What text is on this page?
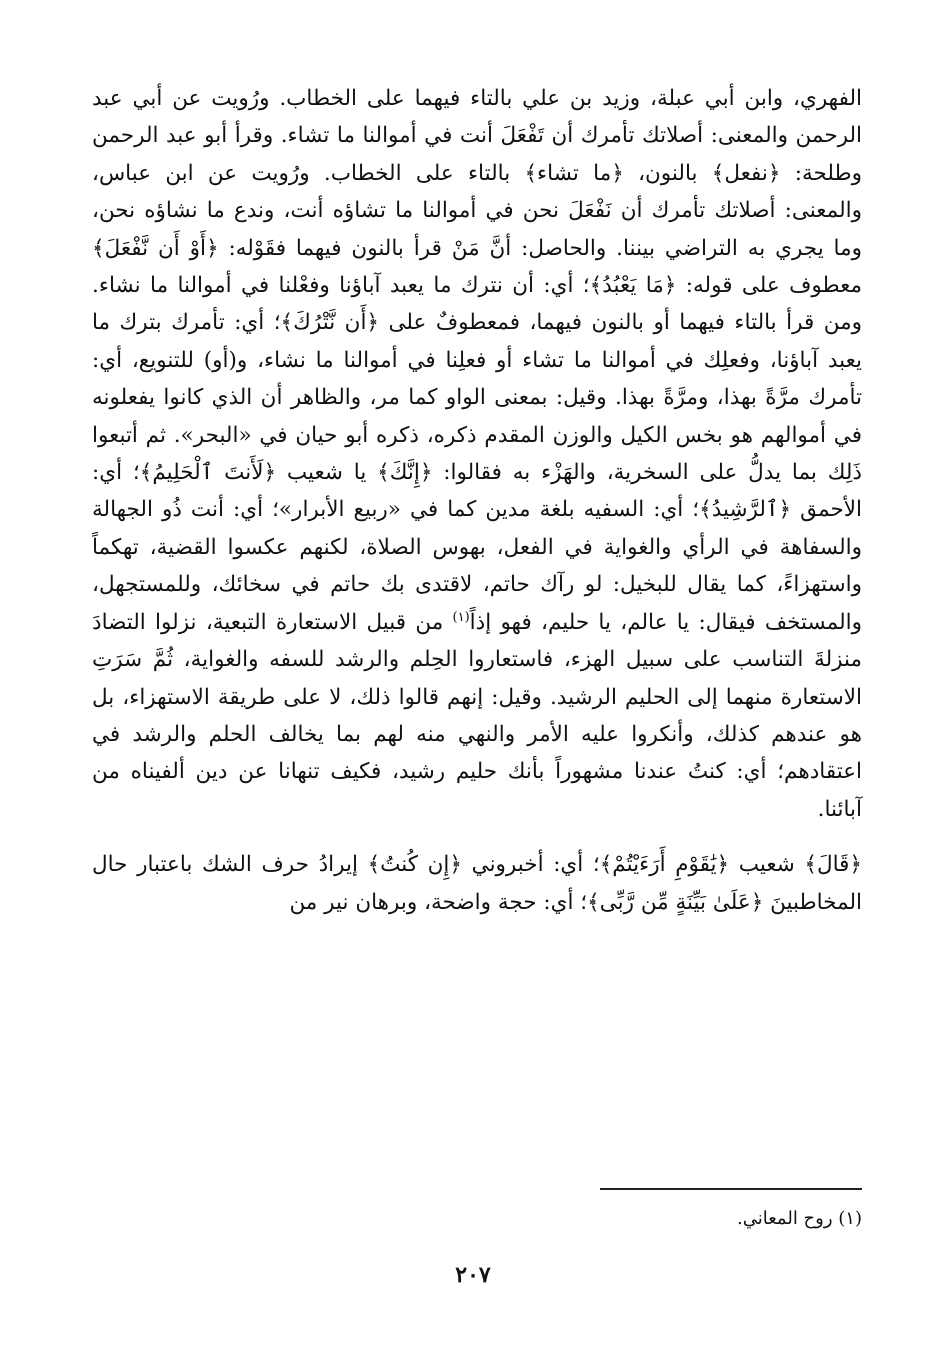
الفهري، وابن أبي عبلة، وزيد بن علي بالتاء فيهما على الخطاب. ورُويت عن أبي عبد الرحمن والمعنى: أصلاتك تأمرك أن تَفْعَلَ أنت في أموالنا ما تشاء. وقرأ أبو عبد الرحمن وطلحة: ﴿نفعل﴾ بالنون، ﴿ما تشاء﴾ بالتاء على الخطاب. ورُويت عن ابن عباس، والمعنى: أصلاتك تأمرك أن نَفْعَلَ نحن في أموالنا ما تشاؤه أنت، وندع ما نشاؤه نحن، وما يجري به التراضي بيننا. والحاصل: أنَّ مَنْ قرأ بالنون فيهما فقَوْله: ﴿أَوْ أَن نَّفْعَلَ﴾ معطوف على قوله: ﴿مَا يَعْبُدُ﴾؛ أي: أن نترك ما يعبد آباؤنا وفعْلنا في أموالنا ما نشاء. ومن قرأ بالتاء فيهما أو بالنون فيهما، فمعطوفٌ على ﴿أَن نَّتْرُكَ﴾؛ أي: تأمرك بترك ما يعبد آباؤنا، وفعلِك في أموالنا ما تشاء أو فعلِنا في أموالنا ما نشاء، و(أو) للتنويع، أي: تأمرك مرَّةً بهذا، ومرَّةً بهذا. وقيل: بمعنى الواو كما مر، والظاهر أن الذي كانوا يفعلونه في أموالهم هو بخس الكيل والوزن المقدم ذكره، ذكره أبو حيان في «البحر». ثم أتبعوا ذَلِك بما يدلُّ على السخرية، والهَزْء به فقالوا: ﴿إِنَّكَ﴾ يا شعيب ﴿لَأَنتَ ٱلْحَلِيمُ﴾؛ أي: الأحمق ﴿ٱلرَّشِيدُ﴾؛ أي: السفيه بلغة مدين كما في «ربيع الأبرار»؛ أي: أنت ذُو الجهالة والسفاهة في الرأي والغواية في الفعل، بهوس الصلاة، لكنهم عكسوا القضية، تهكماً واستهزاءً، كما يقال للبخيل: لو رآك حاتم، لاقتدى بك حاتم في سخائك، وللمستجهل، والمستخف فيقال: يا عالم، يا حليم، فهو إذاً$^{(١)}$ من قبيل الاستعارة التبعية، نزلوا التضادَ منزلةَ التناسب على سبيل الهزء، فاستعاروا الحِلم والرشد للسفه والغواية، ثُمَّ سَرَتِ الاستعارة منهما إلى الحليم الرشيد. وقيل: إنهم قالوا ذلك، لا على طريقة الاستهزاء، بل هو عندهم كذلك، وأنكروا عليه الأمر والنهي منه لهم بما يخالف الحلم والرشد في اعتقادهم؛ أي: كنتُ عندنا مشهوراً بأنك حليم رشيد، فكيف تنهانا عن دين ألفيناه من آبائنا.

﴿قَالَ﴾ شعيب ﴿يَٰقَوْمِ أَرَءَيْتُمْ﴾؛ أي: أخبروني ﴿إِن كُنتُ﴾ إيرادُ حرف الشك باعتبار حال المخاطبينَ ﴿عَلَىٰ بَيِّنَةٍ مِّن رَّبِّى﴾؛ أي: حجة واضحة، وبرهان نير من

(١) روح المعاني.
٢٠٧
